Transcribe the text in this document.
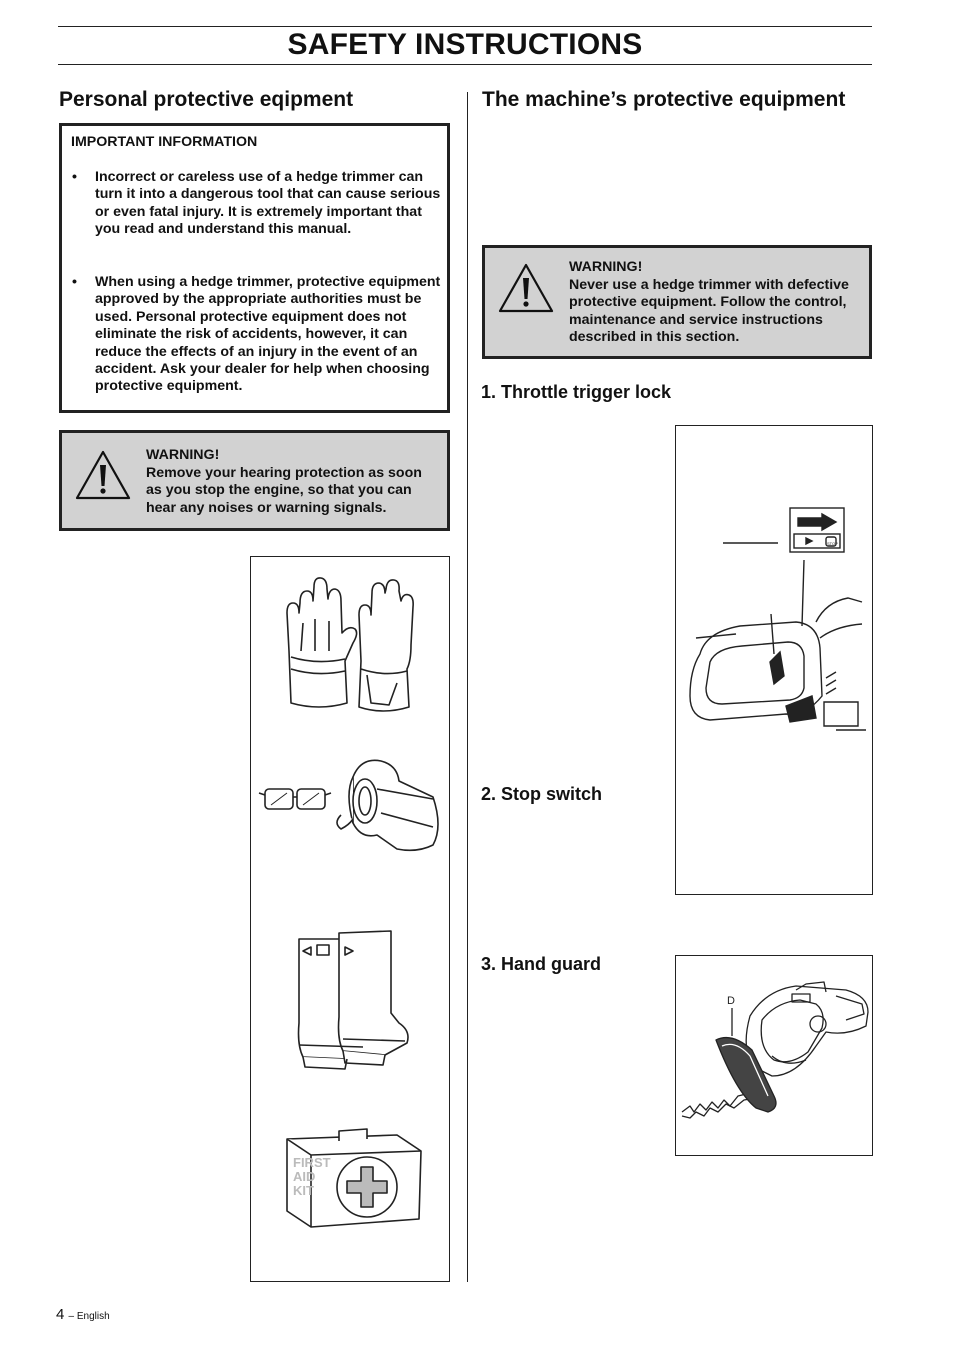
SAFETY INSTRUCTIONS
Personal protective eqipment
IMPORTANT INFORMATION
• Incorrect or careless use of a hedge trimmer can turn it into a dangerous tool that can cause serious or even fatal injury. It is extremely important that you read and understand this manual.
• When using a hedge trimmer, protective equipment approved by the appropriate authorities must be used. Personal protective equipment does not eliminate the risk of accidents, however, it can reduce the effects of an injury in the event of an accident. Ask your dealer for help when choosing protective equipment.
WARNING!
Remove your hearing protection as soon as you stop the engine, so that you can hear any noises or warning signals.
FIRST
AID
KIT
The machine’s protective equipment
WARNING!
Never use a hedge trimmer with defective protective equipment. Follow the control, maintenance and service instructions described in this section.
1. Throttle trigger lock
2. Stop switch
3. Hand guard
STOP
D
4 – English
